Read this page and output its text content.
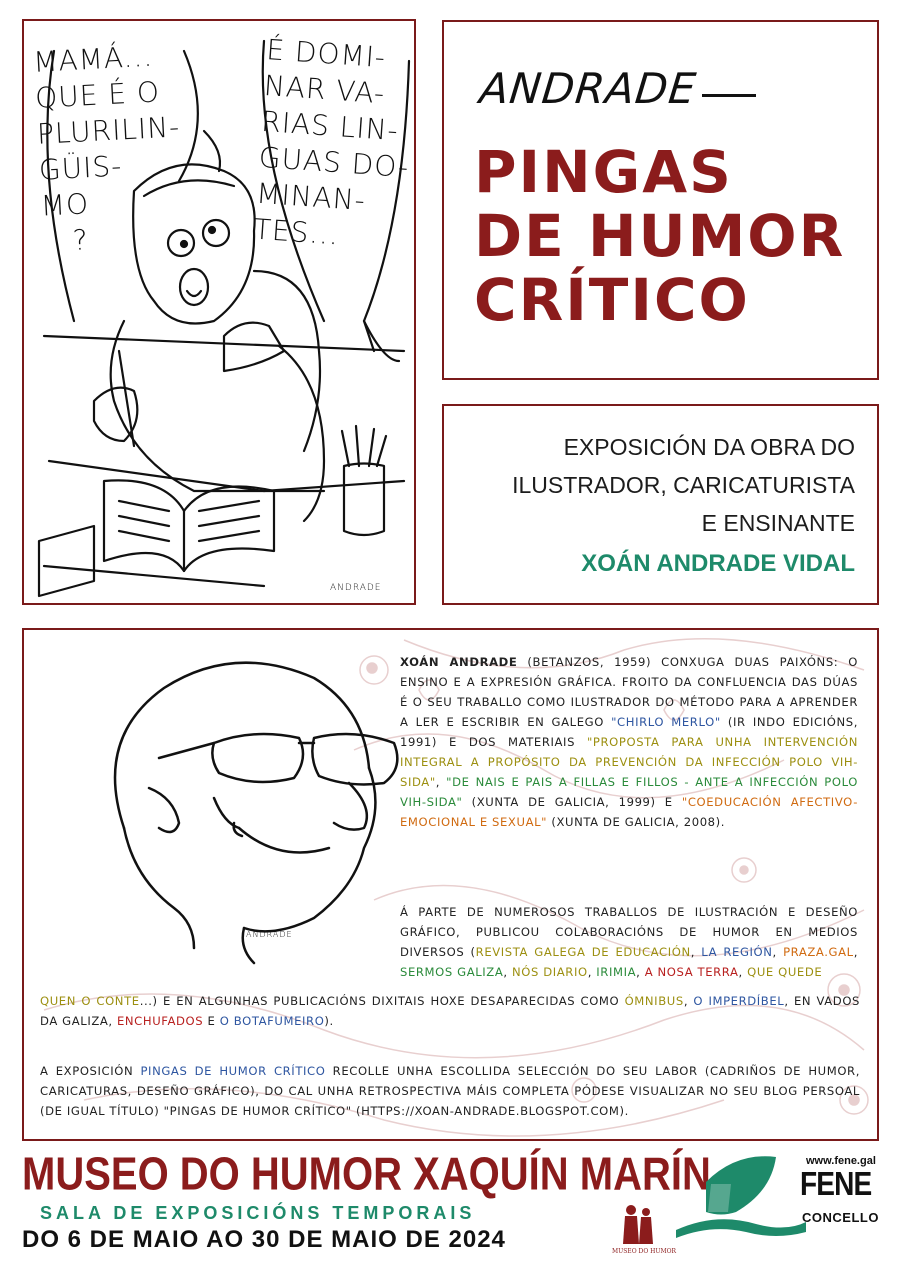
MAMÁ...
QUE É O
PLURILIN-
GÜIS-
MO
?
É DOMI-
NAR VA-
RIAS LIN-
GUAS DO-
MINAN-
TES...
ANDRADE
ANDRADE
PINGAS
DE HUMOR
CRÍTICO
EXPOSICIÓN DA OBRA DO
ILUSTRADOR, CARICATURISTA
E ENSINANTE
XOÁN ANDRADE VIDAL
ANDRADE
XOÁN ANDRADE (BETANZOS, 1959) CONXUGA DUAS PAIXÓNS: O ENSINO E A EXPRESIÓN GRÁFICA. FROITO DA CONFLUENCIA DAS DÚAS É O SEU TRABALLO COMO ILUSTRADOR DO MÉTODO PARA A APRENDER A LER E ESCRIBIR EN GALEGO "CHIRLO MERLO" (IR INDO EDICIÓNS, 1991) E DOS MATERIAIS "PROPOSTA PARA UNHA INTERVENCIÓN INTEGRAL A PROPÓSITO DA PREVENCIÓN DA INFECCIÓN POLO VIH-SIDA", "DE NAIS E PAIS A FILLAS E FILLOS - ANTE A INFECCIÓN POLO VIH-SIDA" (XUNTA DE GALICIA, 1999) E "COEDUCACIÓN AFECTIVO-EMOCIONAL E SEXUAL" (XUNTA DE GALICIA, 2008).
Á PARTE DE NUMEROSOS TRABALLOS DE ILUSTRACIÓN E DESEÑO GRÁFICO, PUBLICOU COLABORACIÓNS DE HUMOR EN MEDIOS DIVERSOS (REVISTA GALEGA DE EDUCACIÓN, LA REGIÓN, PRAZA.GAL, SERMOS GALIZA, NÓS DIARIO, IRIMIA, A NOSA TERRA, QUE QUEDE
QUEN O CONTE...) E EN ALGUNHAS PUBLICACIÓNS DIXITAIS HOXE DESAPARECIDAS COMO ÓMNIBUS, O IMPERDÍBEL, EN VADOS DA GALIZA, ENCHUFADOS E O BOTAFUMEIRO).
A EXPOSICIÓN PINGAS DE HUMOR CRÍTICO RECOLLE UNHA ESCOLLIDA SELECCIÓN DO SEU LABOR (CADRIÑOS DE HUMOR, CARICATURAS, DESEÑO GRÁFICO), DO CAL UNHA RETROSPECTIVA MÁIS COMPLETA PÓDESE VISUALIZAR NO SEU BLOG PERSOAL (DE IGUAL TÍTULO) "PINGAS DE HUMOR CRÍTICO" (HTTPS://XOAN-ANDRADE.BLOGSPOT.COM).
MUSEO DO HUMOR XAQUÍN MARÍN
SALA DE EXPOSICIÓNS TEMPORAIS
DO 6 DE MAIO AO 30 DE MAIO DE 2024	MUSEO DO HUMOR
www.fene.gal
FENE
CONCELLO
